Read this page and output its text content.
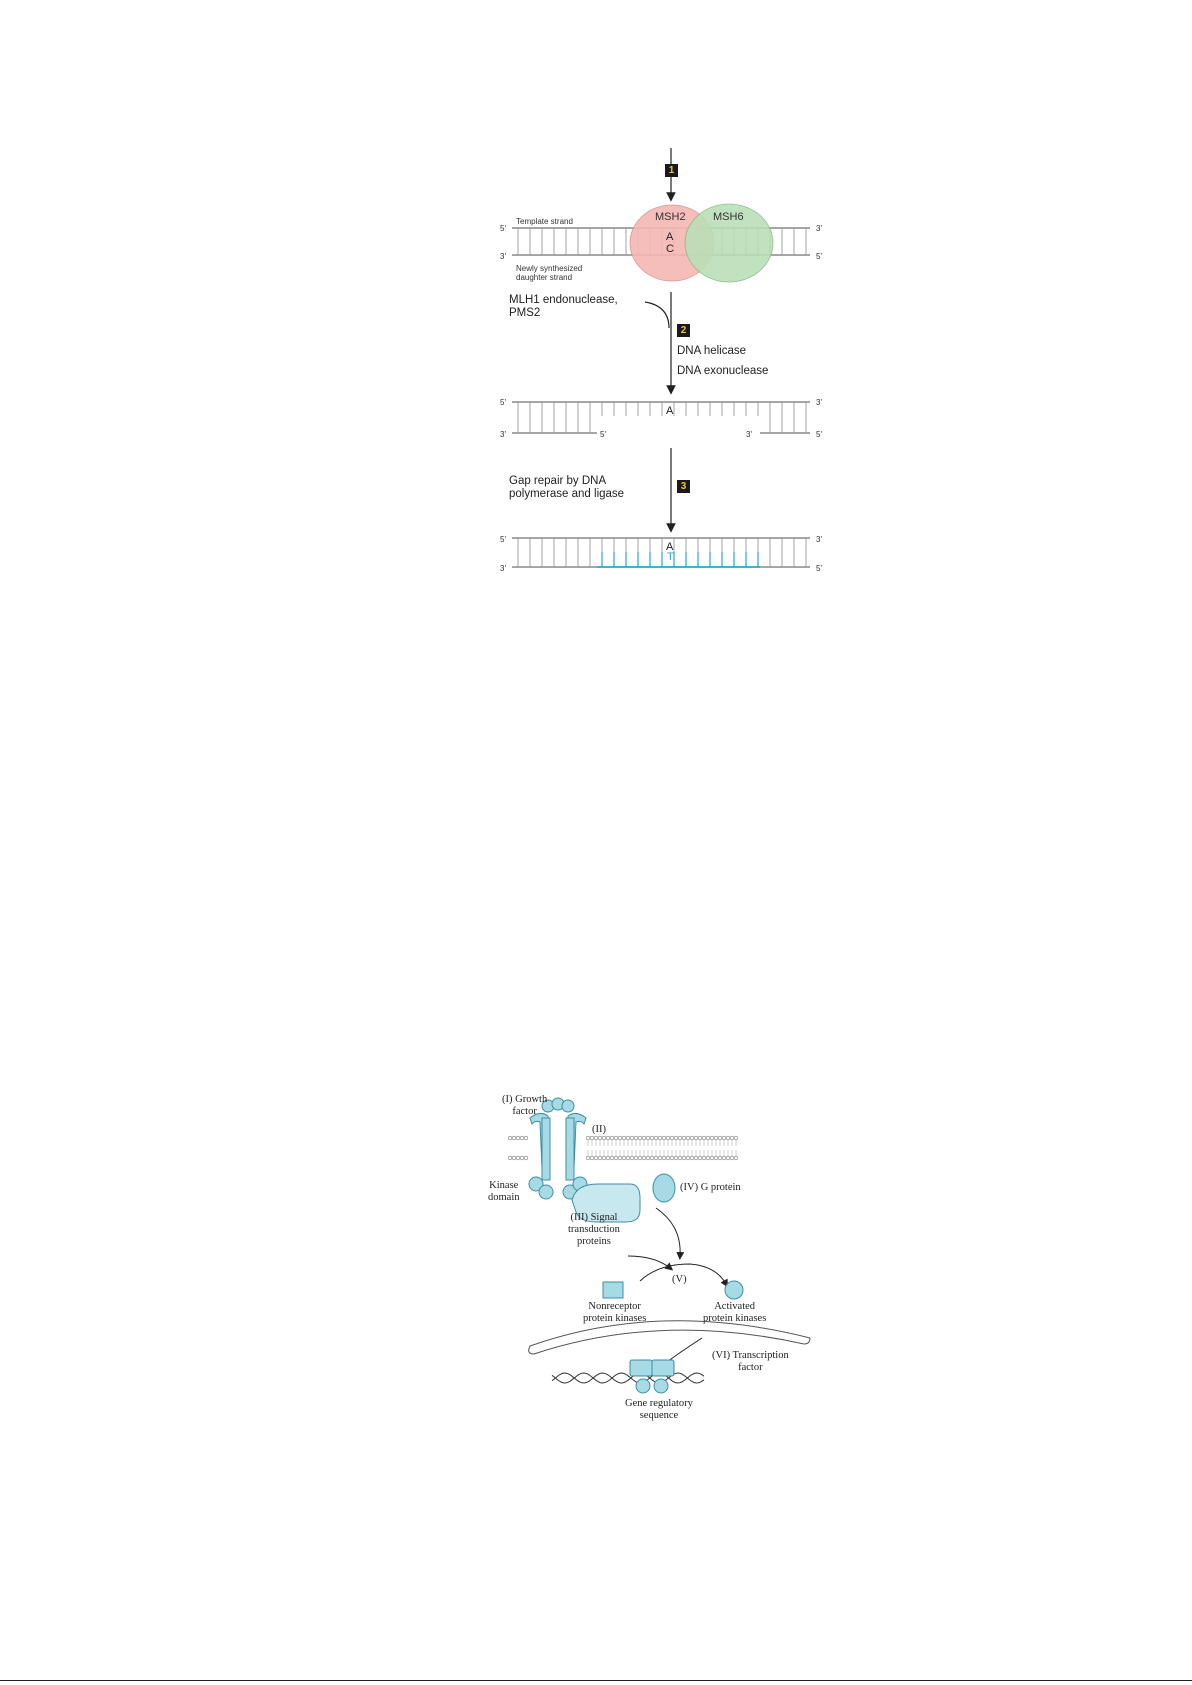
1
2
3
Template strand
Newly synthesized
daughter strand
MSH2 MSH6
A
C
5'
3'
3'
5'
MLH1 endonuclease,
PMS2
DNA helicase
DNA exonuclease
5'
3'
3'
5'
5'	3'
A
Gap repair by DNA
polymerase and ligase
5'
3'
3'
5'
A
T
(I) Growth
factor
(II)
Kinase
domain
(IV) G protein
(III) Signal
transduction
proteins
(V)
Nonreceptor
protein kinases
Activated
protein kinases
(VI) Transcription
factor
Gene regulatory
sequence
